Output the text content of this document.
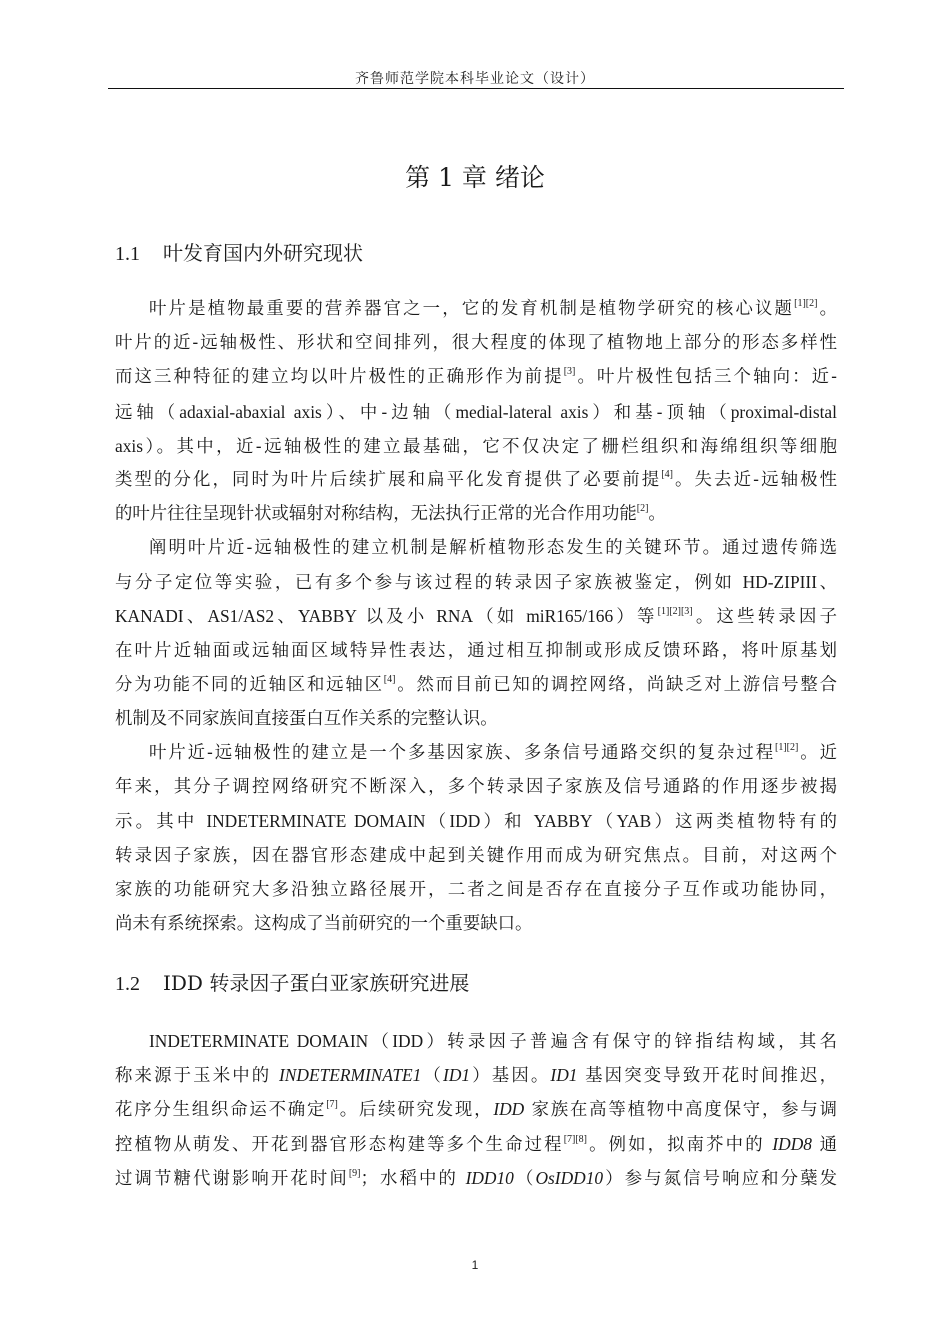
齐鲁师范学院本科毕业论文（设计）
第 1 章 绪论
1.1 叶发育国内外研究现状
叶片是植物最重要的营养器官之一，它的发育机制是植物学研究的核心议题[1][2]。
叶片的近-远轴极性、形状和空间排列，很大程度的体现了植物地上部分的形态多样性
而这三种特征的建立均以叶片极性的正确形作为前提[3]。叶片极性包括三个轴向：近-
远轴（adaxial-abaxial axis）、中-边轴（medial-lateral axis）和基-顶轴（proximal-distal
axis）。其中，近-远轴极性的建立最基础，它不仅决定了栅栏组织和海绵组织等细胞
类型的分化，同时为叶片后续扩展和扁平化发育提供了必要前提[4]。失去近-远轴极性
的叶片往往呈现针状或辐射对称结构，无法执行正常的光合作用功能[2]。
阐明叶片近-远轴极性的建立机制是解析植物形态发生的关键环节。通过遗传筛选
与分子定位等实验，已有多个参与该过程的转录因子家族被鉴定，例如 HD-ZIPIII、
KANADI、AS1/AS2、YABBY 以及小 RNA（如 miR165/166）等[1][2][3]。这些转录因子
在叶片近轴面或远轴面区域特异性表达，通过相互抑制或形成反馈环路，将叶原基划
分为功能不同的近轴区和远轴区[4]。然而目前已知的调控网络，尚缺乏对上游信号整合
机制及不同家族间直接蛋白互作关系的完整认识。
叶片近-远轴极性的建立是一个多基因家族、多条信号通路交织的复杂过程[1][2]。近
年来，其分子调控网络研究不断深入，多个转录因子家族及信号通路的作用逐步被揭
示。其中 INDETERMINATE DOMAIN（IDD）和 YABBY（YAB）这两类植物特有的
转录因子家族，因在器官形态建成中起到关键作用而成为研究焦点。目前，对这两个
家族的功能研究大多沿独立路径展开，二者之间是否存在直接分子互作或功能协同，
尚未有系统探索。这构成了当前研究的一个重要缺口。
1.2 IDD 转录因子蛋白亚家族研究进展
INDETERMINATE DOMAIN（IDD）转录因子普遍含有保守的锌指结构域，其名
称来源于玉米中的 INDETERMINATE1（ID1）基因。ID1 基因突变导致开花时间推迟，
花序分生组织命运不确定[7]。后续研究发现，IDD 家族在高等植物中高度保守，参与调
控植物从萌发、开花到器官形态构建等多个生命过程[7][8]。例如，拟南芥中的 IDD8 通
过调节糖代谢影响开花时间[9]；水稻中的 IDD10（OsIDD10）参与氮信号响应和分蘖发
1
